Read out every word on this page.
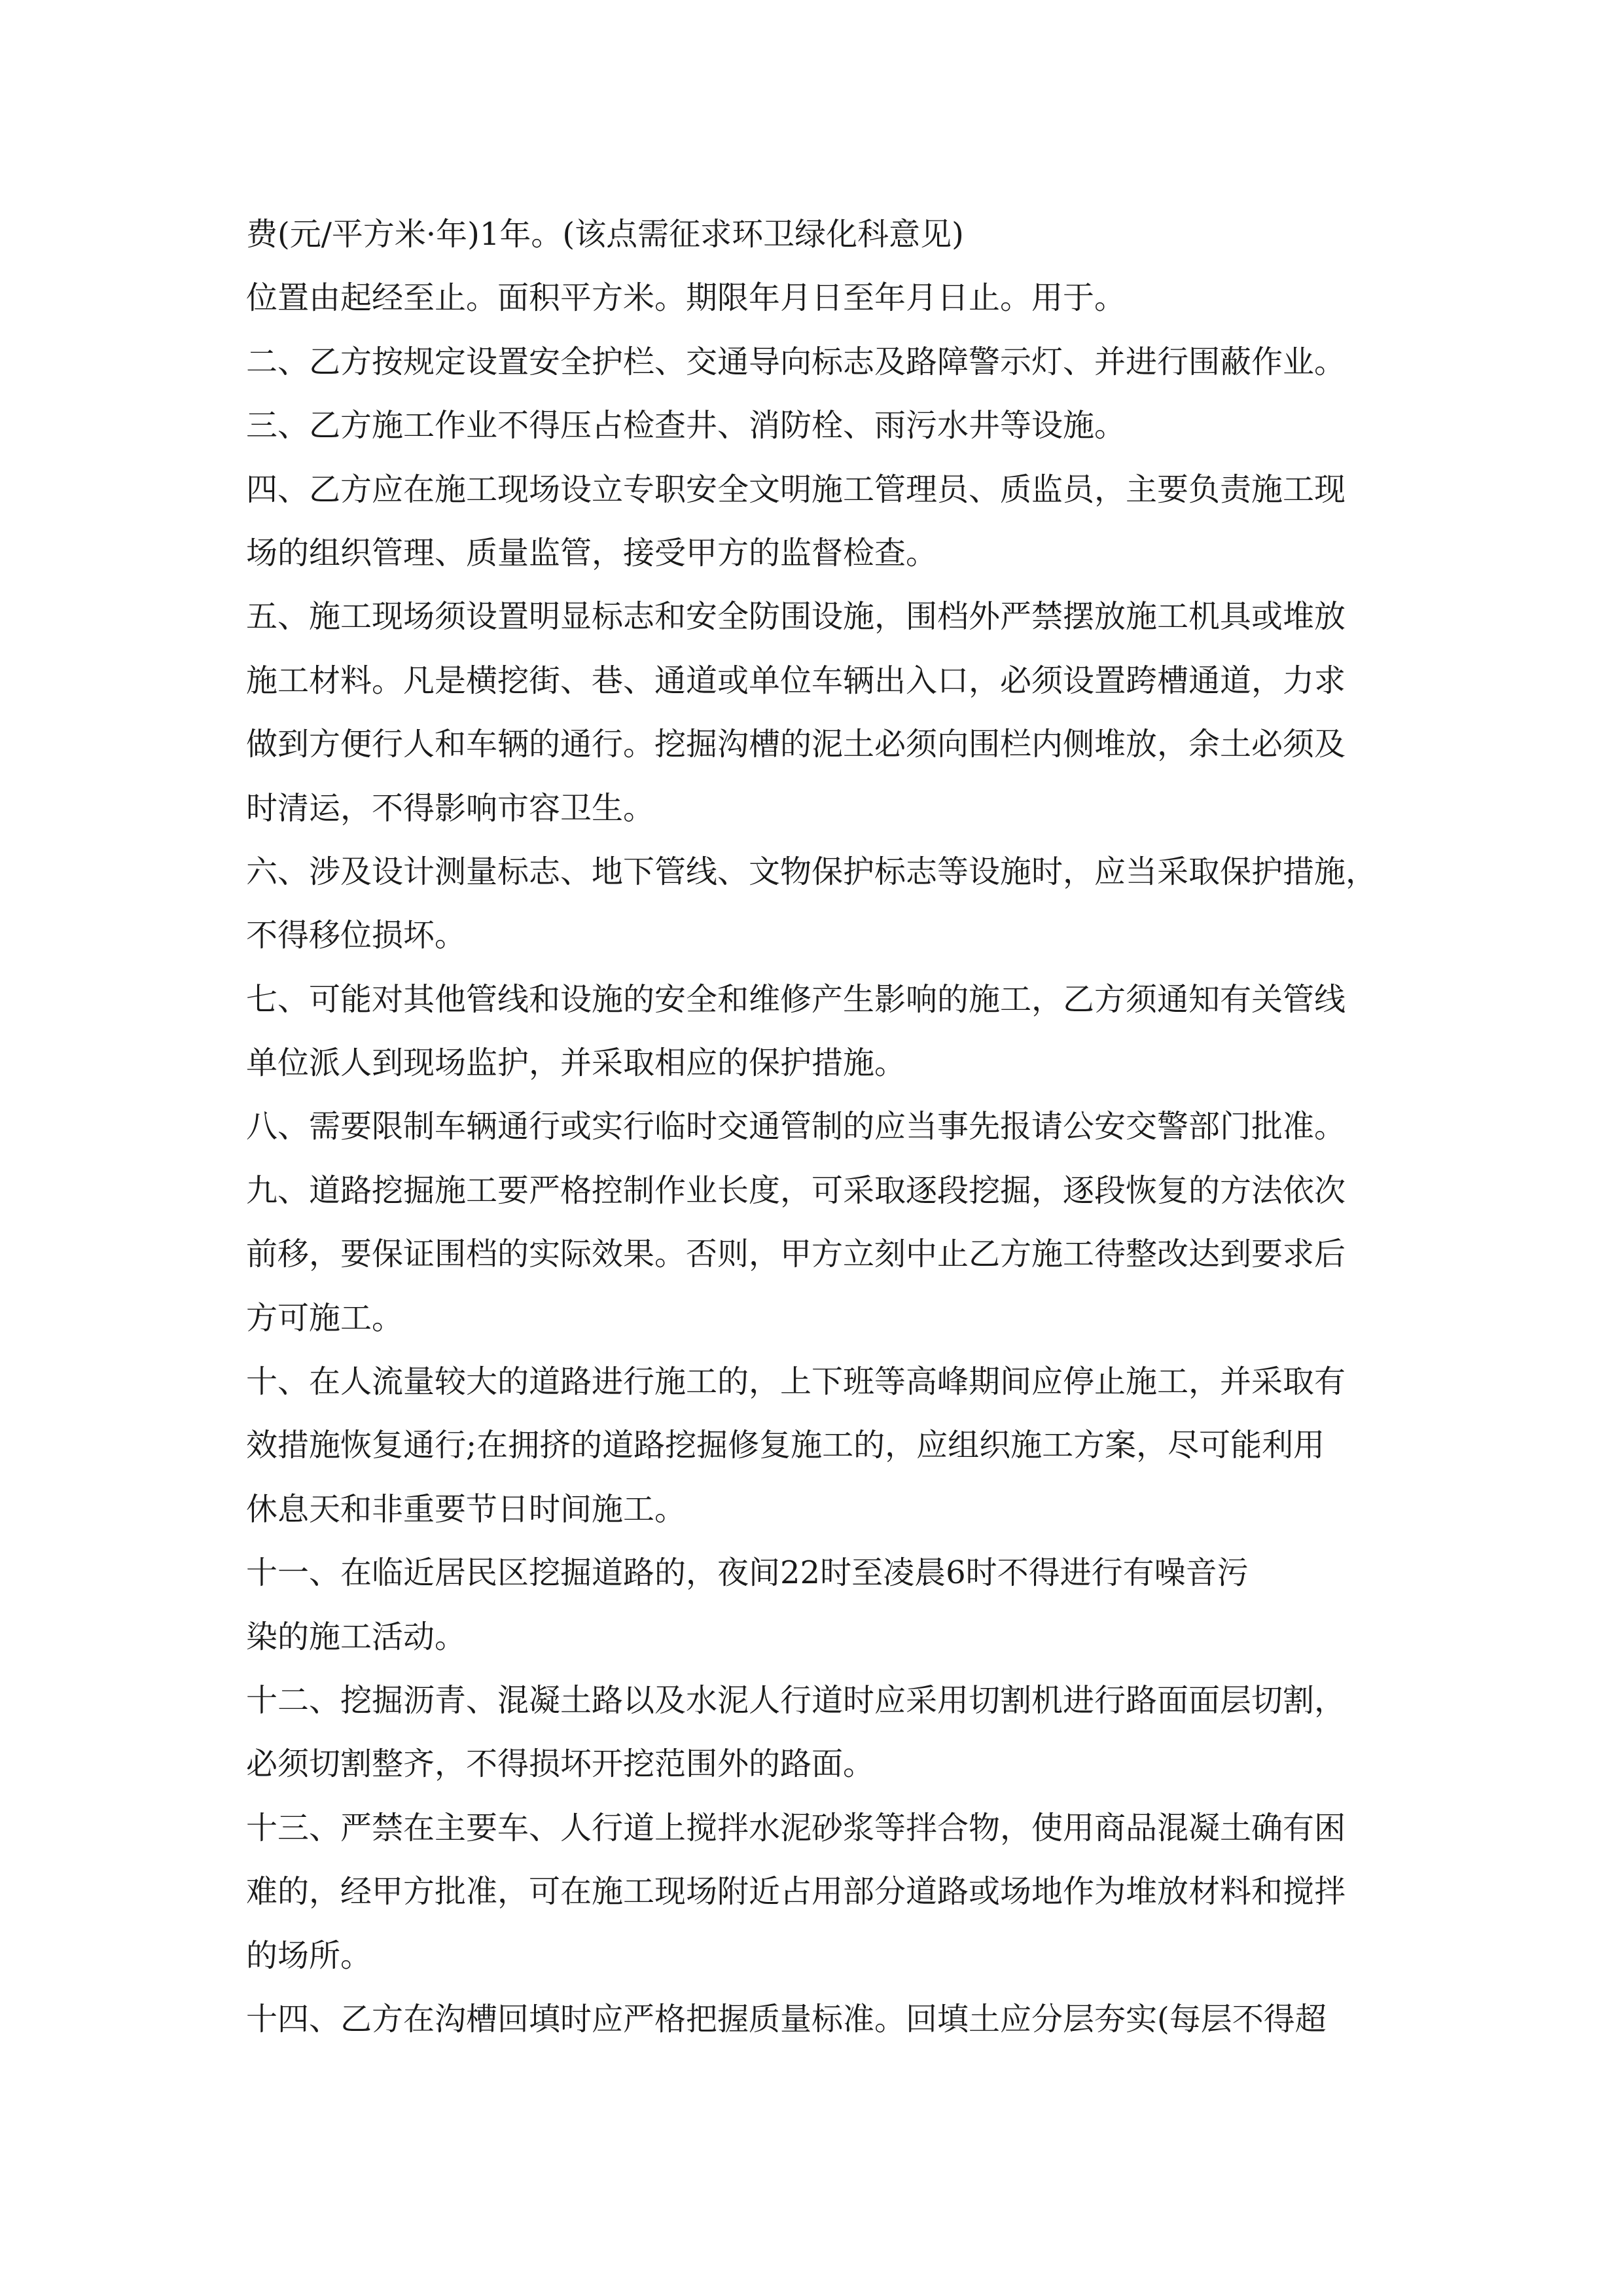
费(元/平方米·年)1年。(该点需征求环卫绿化科意见)
位置由起经至止。面积平方米。期限年月日至年月日止。用于。
二、乙方按规定设置安全护栏、交通导向标志及路障警示灯、并进行围蔽作业。
三、乙方施工作业不得压占检查井、消防栓、雨污水井等设施。
四、乙方应在施工现场设立专职安全文明施工管理员、质监员，主要负责施工现
场的组织管理、质量监管，接受甲方的监督检查。
五、施工现场须设置明显标志和安全防围设施，围档外严禁摆放施工机具或堆放
施工材料。凡是横挖街、巷、通道或单位车辆出入口，必须设置跨槽通道，力求
做到方便行人和车辆的通行。挖掘沟槽的泥土必须向围栏内侧堆放，余土必须及
时清运，不得影响市容卫生。
六、涉及设计测量标志、地下管线、文物保护标志等设施时，应当采取保护措施，
不得移位损坏。
七、可能对其他管线和设施的安全和维修产生影响的施工，乙方须通知有关管线
单位派人到现场监护，并采取相应的保护措施。
八、需要限制车辆通行或实行临时交通管制的应当事先报请公安交警部门批准。
九、道路挖掘施工要严格控制作业长度，可采取逐段挖掘，逐段恢复的方法依次
前移，要保证围档的实际效果。否则，甲方立刻中止乙方施工待整改达到要求后
方可施工。
十、在人流量较大的道路进行施工的，上下班等高峰期间应停止施工，并采取有
效措施恢复通行;在拥挤的道路挖掘修复施工的，应组织施工方案，尽可能利用
休息天和非重要节日时间施工。
十一、在临近居民区挖掘道路的，夜间22时至凌晨6时不得进行有噪音污
染的施工活动。
十二、挖掘沥青、混凝土路以及水泥人行道时应采用切割机进行路面面层切割，
必须切割整齐，不得损坏开挖范围外的路面。
十三、严禁在主要车、人行道上搅拌水泥砂浆等拌合物，使用商品混凝土确有困
难的，经甲方批准，可在施工现场附近占用部分道路或场地作为堆放材料和搅拌
的场所。
十四、乙方在沟槽回填时应严格把握质量标准。回填土应分层夯实(每层不得超
